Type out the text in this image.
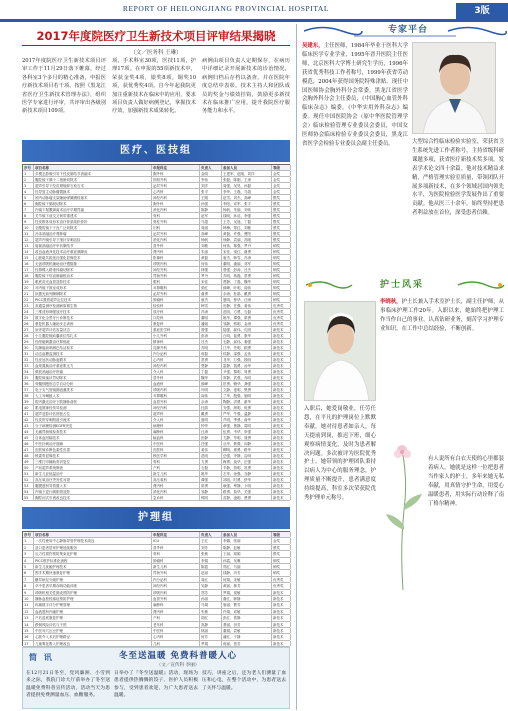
REPORT OF HEILONGJIANG PROVINCIAL HOSPITAL	3版
2017年度院医疗卫生新技术项目评审结果揭晓
（文／医务科 王琳）
2017年度院医疗卫生新技术项目评审工作于11月29日落下帷幕。经过各科室3个多月的精心准备，申报医疗新技术项目若干项。按照《黑龙江省医疗卫生新技术管理办法》，组织医学专家进行评审，共评审出各级别新技术项目109项。
项，手术科室30项，医技11项，护理17项。在申报的55项新技术中，荣获金奖4项，银奖8项，铜奖10项，获优秀奖4项。自今年起我院更加注重新技术在临床中的应用，要求项目负责人做好病例登记，掌握技术疗效，加强新技术成果转化。
病例由项目负责人定期保存，在病历中详细记录开展新技术的诊治情况，病例归档后存档以备查，并在医院年度总结中表彰。技术主持人和团队成员的奖金与绩效挂钩，鼓励更多新技术在临床推广应用，提升我院医疗服务能力和水平。
医疗、医技组
序号	项目名称	申报科室	负责人	参加人员	等级
1	多模态影像引导下经皮肺结节消融术	胸外科	金明	王建军、赵刚、刘洋	金奖
2	腹腔镜下胰十二指肠切除术	肝胆外科	李伟	张磊、陈刚、王涛	金奖
3	超声引导下经皮肾镜碎石取石术	泌尿外科	刘洋	周强、吴昊、孙磊	金奖
4	经导管主动脉瓣置换术	心内科	张平	李华、王磊、马超	金奖
5	颅内动脉瘤支架辅助弹簧圈栓塞术	神经内科	王刚	赵雪、刘杰、高峰	银奖
6	胸腔镜下肺段切除术	胸外科	孙强	李阳、邓军、张宇	银奖
7	内镜下黏膜剥离术治疗早期胃癌	消化内科	陈静	杨帆、朱丽、刘伟	银奖
8	关节镜下前交叉韧带重建术	骨科	赵军	钱明、孙浩、李强	银奖
9	经皮椎体成形术治疗骨质疏松骨折	脊柱外科	马超	王芳、吴迪、丁磊	银奖
10	全腹腔镜下子宫广泛切除术	妇科	周丽	韩梅、郑红、刘敏	银奖
11	冷冻消融治疗肾肿瘤	泌尿外科	高峰	黄磊、许强、曹阳	银奖
12	超声内镜引导下细针穿刺活检	消化内科	杨帆	徐静、袁丽、冯刚	银奖
13	射频消融治疗甲状腺结节	普外科	刘敏	何伟、林强、罗丹	铜奖
14	改良血液净化技术治疗重症胰腺炎	肾内科	朱丽	宋佳、梁红、谢勇	铜奖
15	心脏磁共振延迟强化显像技术	影像科	黄磊	唐杰、韩雪、冯涛	铜奖
16	无创呼吸机辅助治疗慢阻肺	呼吸内科	何伟	董明、潘丽、邓军	铜奖
17	经鼻蝶入路垂体瘤切除术	神经外科	林强	曾强、彭涛、吕杰	铜奖
18	腹腔镜下结直肠癌根治术	胃肠外科	罗丹	苏明、蒋磊、蔡勇	铜奖
19	眼底荧光血管造影技术	眼科	宋佳	贾静、丁磊、魏华	铜奖
20	耳内镜下鼓室成形术	耳鼻喉科	梁红	薛峰、叶明、阎伟	铜奖
21	钬激光前列腺剜除术	泌尿外科	谢勇	余涛、杜鹃、戴勇	铜奖
22	PICC置管超声定位技术	肿瘤科	唐杰	夏明、钟华、汪涛	铜奖
23	高通量测序检测病原微生物	检验科	韩雪	田静、任强、姜伟	优秀奖
24	三维适形调强放疗技术	放疗科	冯涛	范明、方勇、石磊	优秀奖
25	数字化全景牙片诊断技术	口腔科	董明	姚华、谭强、廖勇	优秀奖
26	康复机器人辅助步态训练	康复科	潘丽	邹静、熊明、金涛	优秀奖
27	床旁超声评估容量状态	重症医学科	曾强	陆强、郝伟、孔明	新技术
28	小儿腹腔镜疝囊高位结扎术	小儿外科	彭涛	白明、崔勇、康华	新技术
29	经颅磁刺激治疗抑郁症	精神科	吕杰	毛静、邱伟、秦强	新技术
30	乳腺癌前哨淋巴结活检术	乳腺外科	苏明	江华、史明、顾勇	新技术
31	动态血糖监测技术	内分泌科	蒋磊	侯静、邵强、孟伟	新技术
32	经皮冠状动脉旋磨术	心内科	蔡勇	龙华、万强、段明	新技术
33	血浆置换治疗重症肌无力	神经内科	贾静	雷静、钱勇、汤华	新技术
34	微波消融治疗肝癌	介入科	丁磊	尹强、黎明、易勇	新技术
35	腹腔镜袖状胃切除术	普外科	魏华	常静、武强、乔明	新技术
36	骨髓细胞形态学自动分析	血液科	薛峰	贺勇、赖华、龚强	新技术
37	电子支气管镜肺泡灌洗术	呼吸内科	叶明	文静、庞明、樊勇	新技术
38	人工耳蜗植入术	耳鼻喉科	阎伟	兰华、殷强、施明	新技术
39	腔内激光治疗下肢静脉曲张	血管外科	余涛	陶静、洪勇、翟华	新技术
40	肌电图神经传导检测	神经内科	杜鹃	安强、颜明、倪勇	新技术
41	超声造影评估肝脏占位	超声科	戴勇	严华、牛强、温静	新技术
42	经皮肝穿刺胆道引流术	介入科	夏明	芦明、季勇、俞华	新技术
43	分子病理检测EGFR突变	病理科	钟华	章强、鲁静、葛明	新技术
44	无痛胃肠镜检查技术	麻醉科	汪涛	伍勇、韦华、申强	新技术
45	自体血回输技术	输血科	田静	尤静、毕明、聂勇	新技术
46	中医针刺治疗面瘫	中医科	任强	丛华、焦强、向静	新技术
47	皮肤镜诊断色素性皮损	皮肤科	姜伟	柳明、邢勇、路华	新技术
48	核素骨显像技术	核医学科	范明	岳强、齐静、沿明	新技术
49	三维打印辅助骨折复位	骨科	方勇	梅勇、莫华、庄强	新技术
50	产前超声系统筛查	产科	石磊	辛静、管明、祝勇	新技术
51	新生儿亚低温治疗	新生儿科	姚华	左华、涂强、谷静	新技术
52	高压氧治疗突发性耳聋	高压氧科	谭强	祁明、时勇、舒华	新技术
53	腹膜透析导管置入术	肾内科	廖勇	耿强、牟静、卜明	新技术
54	内镜下逆行胰胆管造影	消化内科	邹静	路勇、詹华、关强	新技术
55	胸腔闭式引流改良技术	急诊科	熊明	苗静、凌明、费勇	新技术
护理组
序号	项目名称	申报科室	负责人	参加人员	等级
1	一次性使用中心静脉导管护理技术改良	ICU	王红	李娜、张丽	金奖
2	造口患者居家护理延续服务	普外科	刘芳	陈静、赵敏	银奖
3	压力性损伤预防集束化护理	骨科	张敏	王丽、周娟	银奖
4	PICC维护标准化流程	肿瘤科	李娟	孙霞、吴琳	铜奖
5	新生儿抚触护理技术	新生儿科	陈霞	郑红、马丽	铜奖
6	围手术期快速康复护理	胃肠外科	赵丽	钱静、冯芳	铜奖
7	糖尿病足分级护理	内分泌科	周红	何娟、宋敏	优秀奖
8	卒中患者早期吞咽功能训练	神经内科	吴静	黄丽、林芳	优秀奖
9	呼吸机相关性肺炎预防护理	呼吸内科	郑芳	罗娟、梁敏	新技术
10	静脉血栓栓塞症预防护理	血管外科	孙丽	谢红、韩静	新技术
11	疼痛数字评分护理管理	麻醉科	马娟	唐丽、曹芳	新技术
12	血液透析内瘘护理	肾内科	朱敏	许娟、邓敏	新技术
13	产后盆底康复护理	产科	胡红	彭红、曾静	新技术
14	跌倒风险评估与干预	老年科	高静	萧丽、田芳	新技术
15	中医耳穴压豆护理	中医科	林丽	董娟、袁敏	新技术
16	心脏介入术后护理路径	心内科	何芳	潘红、于静	新技术
17	儿童雾化吸入护理改良	儿科	罗娟	蒋丽、蔡芳	新技术
简 讯	冬至送温暖 免费科普暖人心
（文／宣传科 李丽）
在12月21日冬至，党风廉洲、小雪到来之际，我院门诊大厅前举办了冬至送温暖免费科普宣传活动，活动当天为患者提供免费测量血压、血糖服务。
日举办了『冬至送温暖』活动，现场为患者提供热腾腾的饺子，医护人员积极参与，受到患者欢迎，为广大患者送去温暖。
技巧，讲座之后，还为老人们测量了血压和心电，在整个活动中，为患者送去了关怀与温暖。
专家平台
吴建东，主任医师，1984年毕业于医科大学临床医学专业学业，1995年晋升医院主任医师，北京医科大学博士研究生学历，1996年获省优秀科技工作者称号，1999年获省劳动模范，2004年获得国务院特殊津贴。现任中国医师协会胸外科分会常委，黑龙江省医学会胸外科分会主任委员，《中国胸心血管外科临床杂志》编委，《中华实用外科杂志》编委。现任中国医院协会（原中华医院管理学会）临床检验管理专业委员会委员，中国女医师协会临床检验专业委员会委员，黑龙江省医学会检验专业委员会副主任委员。	大型综合性临床检验实验室，荣获省卫生系统先进工作者称号，主持省级科研课题多项，获省医疗新技术奖多项，发表学术论文四十余篇。他对技术精益求精，严格管理实验室质量，带领团队开展多项新技术，在多个领域居国内领先水平，为医院检验医学发展作出了重要贡献。他从医三十余年，始终坚持把患者利益放在首位，深受患者信赖。
护士风采
李晓秋，护士长兼入手术室护士长，副主任护师，从事临床护理工作20年。入职以来，她始终把护理工作当作自己的事业，认真钻研业务，刻苦学习护理专业知识，在工作中总结经验，不断创新。
入职后，她爱岗敬业，任劳任怨，在平凡的护理岗位上默默奉献。她对待患者如亲人，每天提前到岗，推迟下班，细心观察病情变化，及时为患者解决问题。多次被评为医院优秀护士，她带领的护理团队秉持以病人为中心的服务理念，护理质量不断提升，患者满意度持续提高，科室多次荣获院优秀护理单元称号。
有人说所有白衣天使的心里都装着病人。她就是这样一位把患者当作家人的护士，多年来她无私奉献，用真情守护生命，用爱心温暖患者，用实际行动诠释了南丁格尔精神。
